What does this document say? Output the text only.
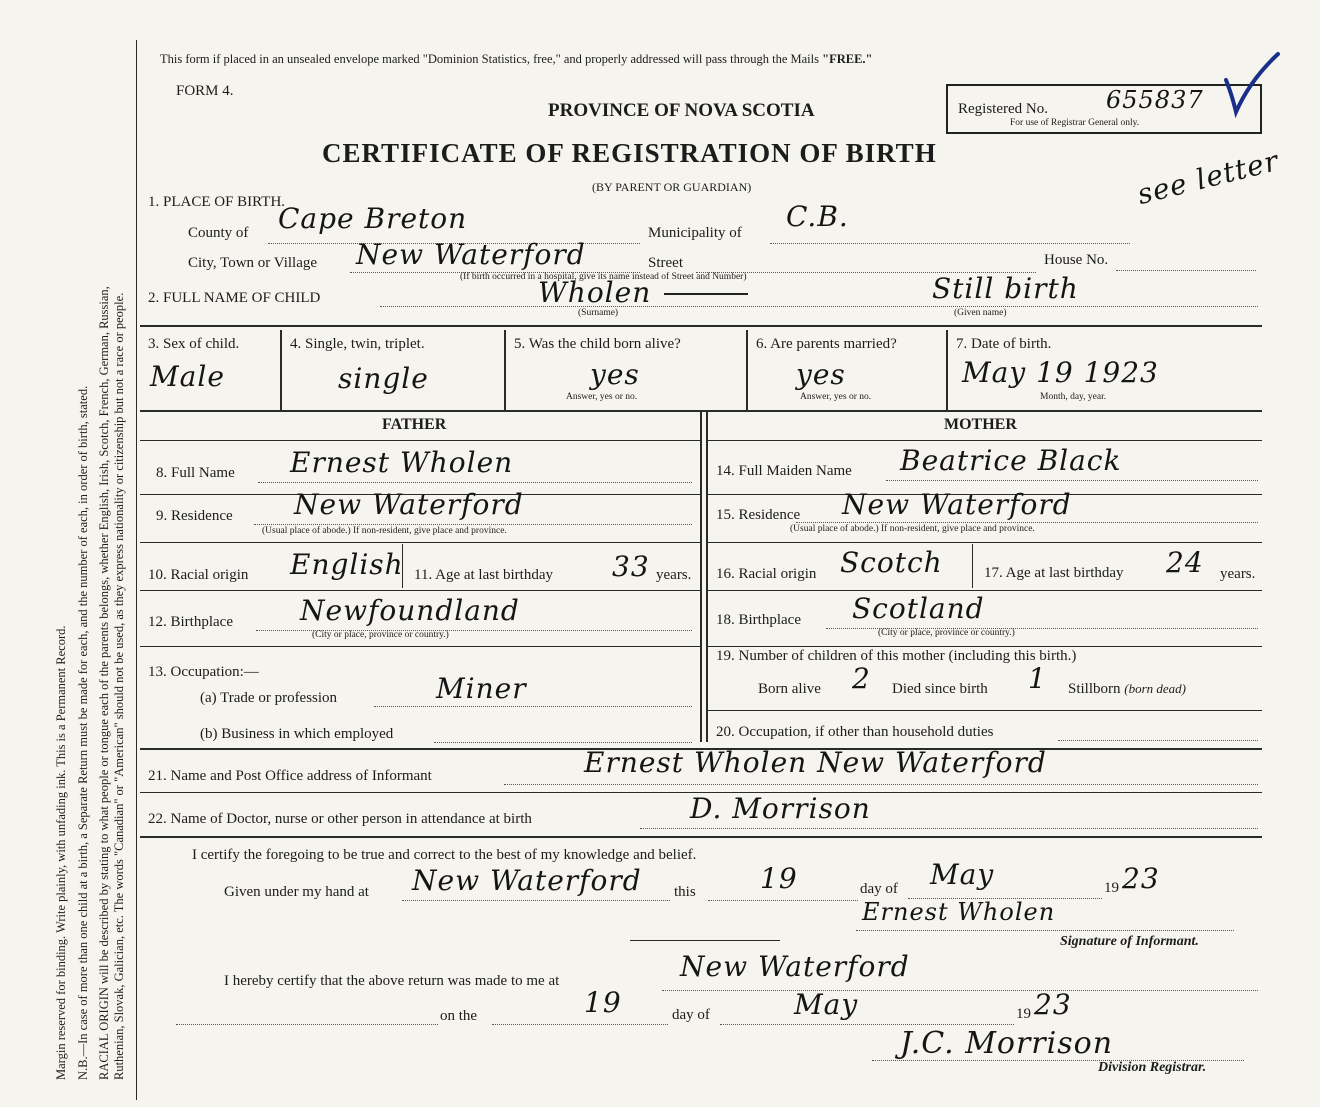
Margin reserved for binding. Write plainly, with unfading ink. This is a Permanent Record. N.B.—In case of more than one child at a birth, a Separate Return must be made for each, and the number of each, in order of birth, stated. RACIAL ORIGIN will be described by stating to what people or tongue each of the parents belongs, whether English, Irish, Scotch, French, German, Russian, Ruthenian, Slovak, Galician, etc. The words "Canadian" or "American" should not be used, as they express nationality or citizenship but not a race or people.
This form if placed in an unsealed envelope marked "Dominion Statistics, free," and properly addressed will pass through the Mails "FREE."
FORM 4.
PROVINCE OF NOVA SCOTIA	Registered No. 655837
For use of Registrar General only.
CERTIFICATE OF REGISTRATION OF BIRTH
(BY PARENT OR GUARDIAN)
1. PLACE OF BIRTH.
County of Cape Breton	Municipality of C.B.
see letter
City, Town or Village New Waterford	Street	House No.
(If birth occurred in a hospital, give its name instead of Street and Number)
2. FULL NAME OF CHILD	Wholen	Still birth
(Surname)	(Given name)
3. Sex of child.
Male
4. Single, twin, triplet.
single
5. Was the child born alive?
yes
Answer, yes or no.
6. Are parents married?
yes
Answer, yes or no.
7. Date of birth.
May 19 1923
Month, day, year.
FATHER	MOTHER
8. Full Name Ernest Wholen	14. Full Maiden Name Beatrice Black
9. Residence New Waterford
(Usual place of abode.) If non-resident, give place and province.
15. Residence New Waterford
(Usual place of abode.) If non-resident, give place and province.
10. Racial origin English 11. Age at last birthday 33 years. 16. Racial origin Scotch	17. Age at last birthday 24 years.
12. Birthplace Newfoundland
(City or place, province or country.)
18. Birthplace Scotland
(City or place, province or country.)
13. Occupation:—
(a) Trade or profession	Miner
(b) Business in which employed
19. Number of children of this mother (including this birth.)
Born alive 2 Died since birth 1 Stillborn (born dead)
20. Occupation, if other than household duties
21. Name and Post Office address of Informant	Ernest Wholen New Waterford
22. Name of Doctor, nurse or other person in attendance at birth	D. Morrison
I certify the foregoing to be true and correct to the best of my knowledge and belief.
Given under my hand at New Waterford this 19	day of May	19 23
Ernest Wholen
Signature of Informant.
I hereby certify that the above return was made to me at	New Waterford
on the	19	day of	May	19 23
J.C. Morrison
Division Registrar.
